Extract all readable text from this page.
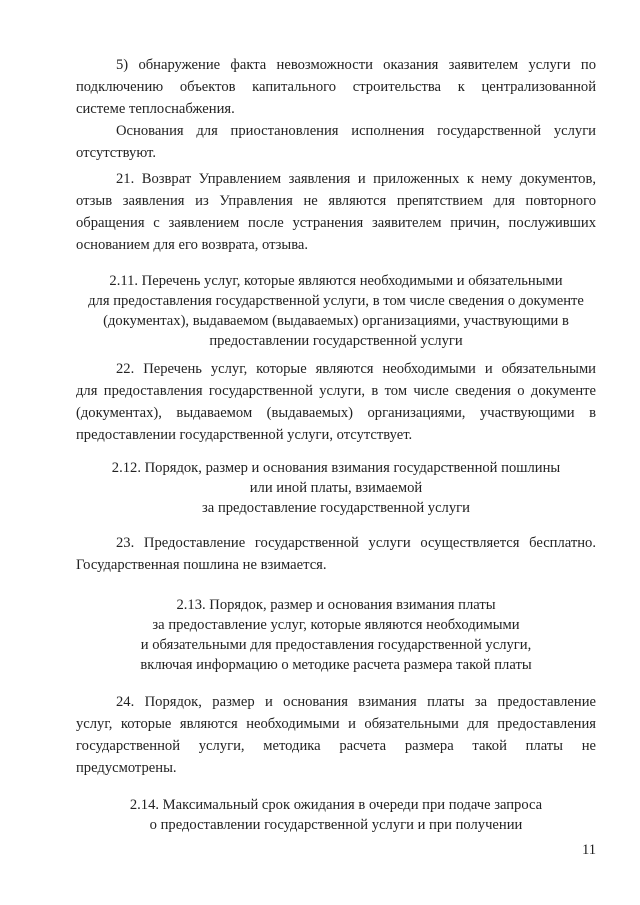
5) обнаружение факта невозможности оказания заявителем услуги по
подключению объектов капитального строительства к централизованной
системе теплоснабжения.
Основания для приостановления исполнения государственной услуги
отсутствуют.
21. Возврат Управлением заявления и приложенных к нему документов,
отзыв заявления из Управления не являются препятствием для повторного
обращения с заявлением после устранения заявителем причин, послуживших
основанием для его возврата, отзыва.
2.11. Перечень услуг, которые являются необходимыми и обязательными
для предоставления государственной услуги, в том числе сведения о документе
(документах), выдаваемом (выдаваемых) организациями, участвующими в
предоставлении государственной услуги
22. Перечень услуг, которые являются необходимыми и обязательными
для предоставления государственной услуги, в том числе сведения о документе
(документах), выдаваемом (выдаваемых) организациями, участвующими в
предоставлении государственной услуги, отсутствует.
2.12. Порядок, размер и основания взимания государственной пошлины
или иной платы, взимаемой
за предоставление государственной услуги
23. Предоставление государственной услуги осуществляется бесплатно.
Государственная пошлина не взимается.
2.13. Порядок, размер и основания взимания платы
за предоставление услуг, которые являются необходимыми
и обязательными для предоставления государственной услуги,
включая информацию о методике расчета размера такой платы
24. Порядок, размер и основания взимания платы за предоставление
услуг, которые являются необходимыми и обязательными для предоставления
государственной услуги, методика расчета размера такой платы не
предусмотрены.
2.14. Максимальный срок ожидания в очереди при подаче запроса
о предоставлении государственной услуги и при получении
11
